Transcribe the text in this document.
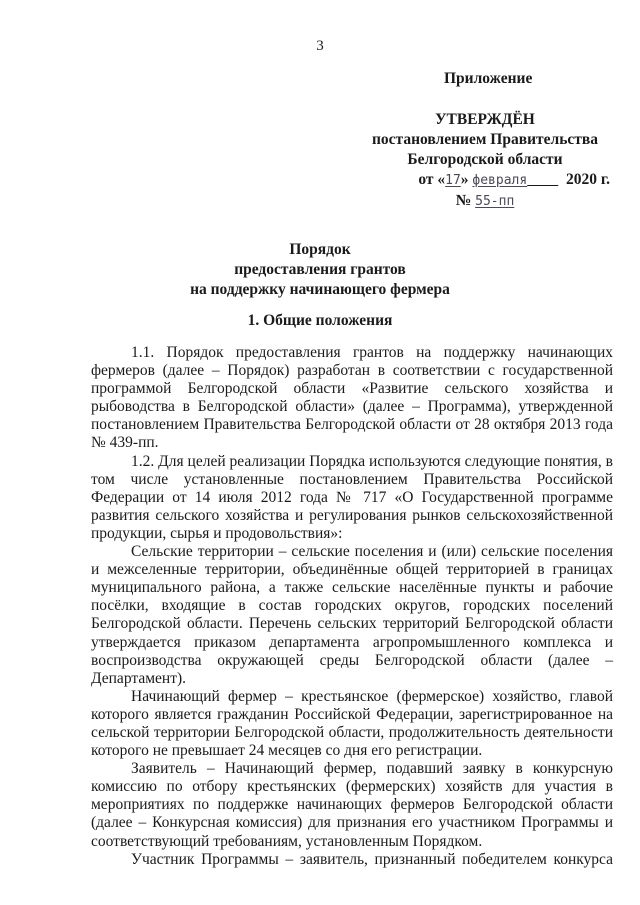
3
Приложение
УТВЕРЖДЁН
постановлением Правительства
Белгородской области
от «17» февраля	2020 г.
№ 55-пп
Порядок
предоставления грантов
на поддержку начинающего фермера
1. Общие положения

1.1. Порядок предоставления грантов на поддержку начинающих фермеров (далее – Порядок) разработан в соответствии с государственной программой Белгородской области «Развитие сельского хозяйства и рыбоводства в Белгородской области» (далее – Программа), утвержденной постановлением Правительства Белгородской области от 28 октября 2013 года № 439-пп.

1.2. Для целей реализации Порядка используются следующие понятия, в том числе установленные постановлением Правительства Российской Федерации от 14 июля 2012 года № 717 «О Государственной программе развития сельского хозяйства и регулирования рынков сельскохозяйственной продукции, сырья и продовольствия»:

Сельские территории – сельские поселения и (или) сельские поселения и межселенные территории, объединённые общей территорией в границах муниципального района, а также сельские населённые пункты и рабочие посёлки, входящие в состав городских округов, городских поселений Белгородской области. Перечень сельских территорий Белгородской области утверждается приказом департамента агропромышленного комплекса и воспроизводства окружающей среды Белгородской области (далее – Департамент).

Начинающий фермер – крестьянское (фермерское) хозяйство, главой которого является гражданин Российской Федерации, зарегистрированное на сельской территории Белгородской области, продолжительность деятельности которого не превышает 24 месяцев со дня его регистрации.

Заявитель – Начинающий фермер, подавший заявку в конкурсную комиссию по отбору крестьянских (фермерских) хозяйств для участия в мероприятиях по поддержке начинающих фермеров Белгородской области (далее – Конкурсная комиссия) для признания его участником Программы и соответствующий требованиям, установленным Порядком.

Участник Программы – заявитель, признанный победителем конкурса
